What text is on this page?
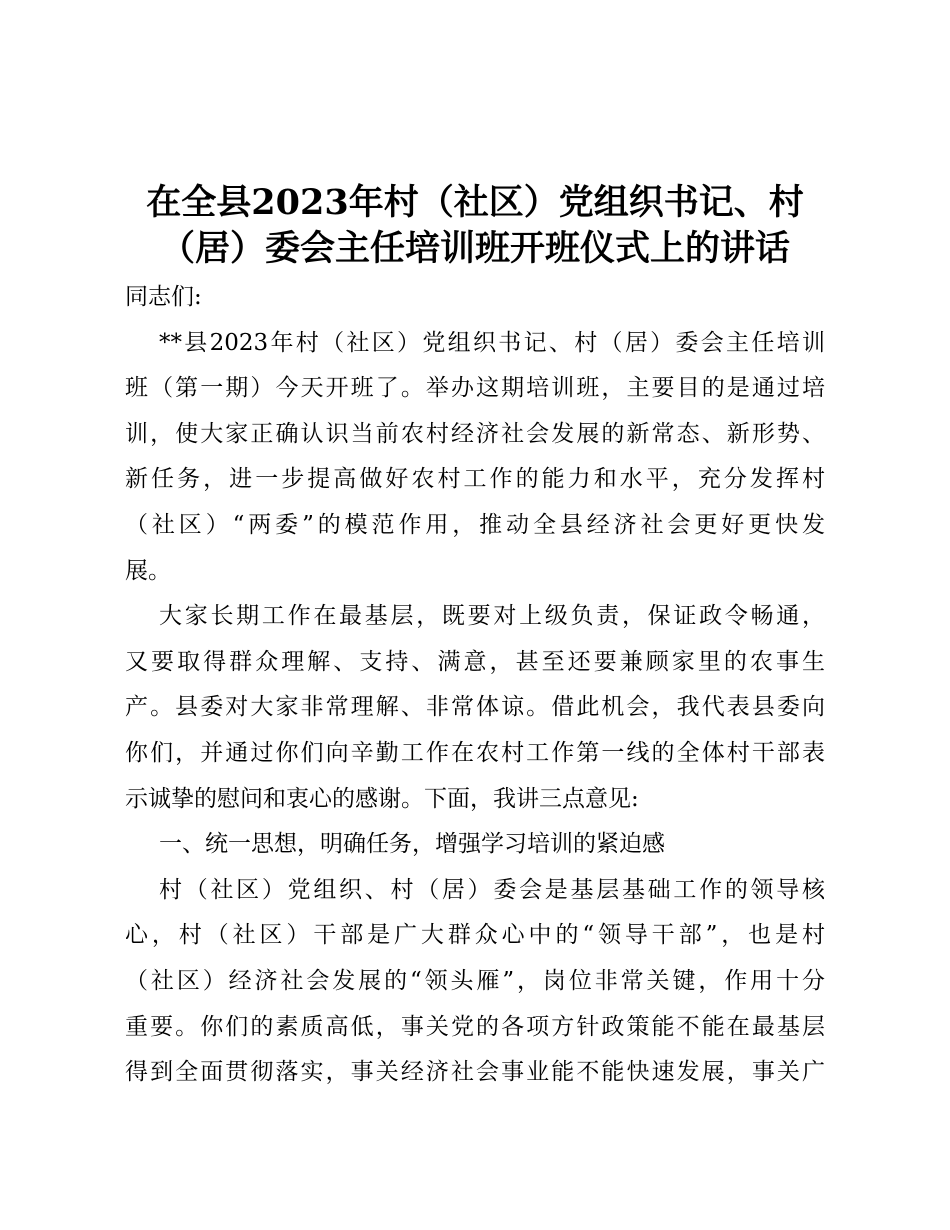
在全县2023年村（社区）党组织书记、村
（居）委会主任培训班开班仪式上的讲话
同志们:
**县2023年村（社区）党组织书记、村（居）委会主任培训
班（第一期）今天开班了。举办这期培训班，主要目的是通过培
训，使大家正确认识当前农村经济社会发展的新常态、新形势、
新任务，进一步提高做好农村工作的能力和水平，充分发挥村
（社区）“两委”的模范作用，推动全县经济社会更好更快发
展。
大家长期工作在最基层，既要对上级负责，保证政令畅通，
又要取得群众理解、支持、满意，甚至还要兼顾家里的农事生
产。县委对大家非常理解、非常体谅。借此机会，我代表县委向
你们，并通过你们向辛勤工作在农村工作第一线的全体村干部表
示诚挚的慰问和衷心的感谢。下面，我讲三点意见:
一、统一思想，明确任务，增强学习培训的紧迫感
村（社区）党组织、村（居）委会是基层基础工作的领导核
心，村（社区）干部是广大群众心中的“领导干部”，也是村
（社区）经济社会发展的“领头雁”，岗位非常关键，作用十分
重要。你们的素质高低，事关党的各项方针政策能不能在最基层
得到全面贯彻落实，事关经济社会事业能不能快速发展，事关广
